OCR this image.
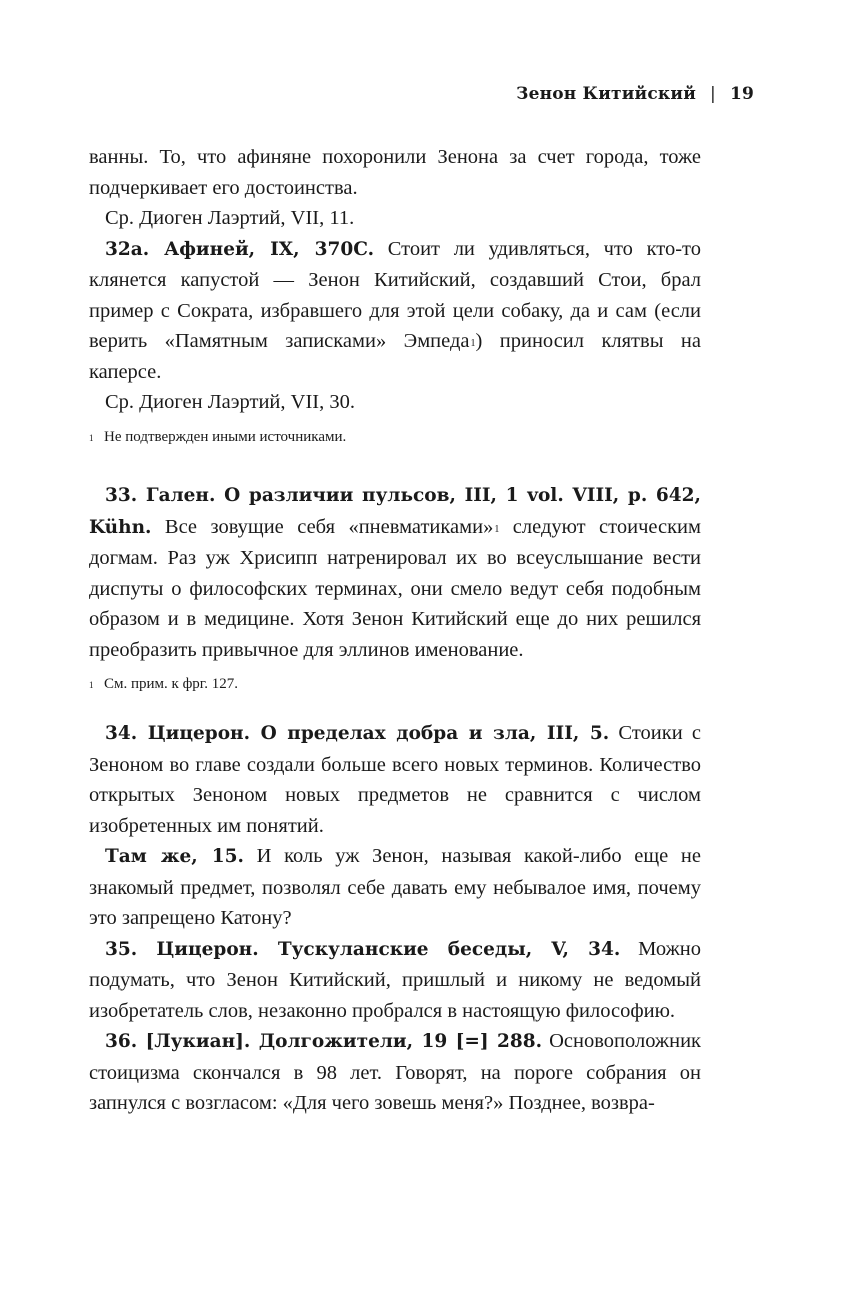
Зенон Китийский | 19

ванны. То, что афиняне похоронили Зенона за счет города, тоже подчеркивает его достоинства.

Ср. Диоген Лаэртий, VII, 11.

32а. Афиней, IX, 370C. Стоит ли удивляться, что кто-то клянется капустой — Зенон Китийский, создавший Стои, брал пример с Сократа, избравшего для этой цели собаку, да и сам (если верить «Памятным записками» Эмпеда$^1$) приносил клятвы на каперсе.

Ср. Диоген Лаэртий, VII, 30.

1 Не подтвержден иными источниками.

33. Гален. О различии пульсов, III, 1 vol. VIII, p. 642, Kühn. Все зовущие себя «пневматиками»$^1$ следуют стоическим догмам. Раз уж Хрисипп натренировал их во всеуслышание вести диспуты о философских терминах, они смело ведут себя подобным образом и в медицине. Хотя Зенон Китийский еще до них решился преобразить привычное для эллинов именование.

1 См. прим. к фрг. 127.

34. Цицерон. О пределах добра и зла, III, 5. Стоики с Зеноном во главе создали больше всего новых терминов. Количество открытых Зеноном новых предметов не сравнится с числом изобретенных им понятий.

Там же, 15. И коль уж Зенон, называя какой-либо еще не знакомый предмет, позволял себе давать ему небывалое имя, почему это запрещено Катону?

35. Цицерон. Тускуланские беседы, V, 34. Можно подумать, что Зенон Китийский, пришлый и никому не ведомый изобретатель слов, незаконно пробрался в настоящую философию.

36. [Лукиан]. Долгожители, 19 [=] 288. Основоположник стоицизма скончался в 98 лет. Говорят, на пороге собрания он запнулся с возгласом: «Для чего зовешь меня?» Позднее, возвра-
